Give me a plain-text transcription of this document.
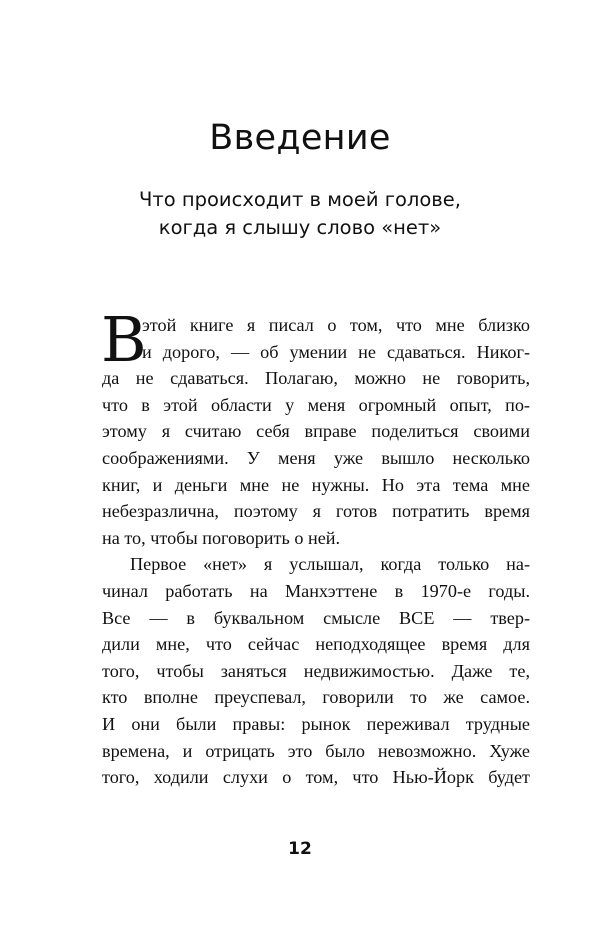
Введение
Что происходит в моей голове,
когда я слышу слово «нет»
В
этой книге я писал о том, что мне близко
и дорого, — об умении не сдаваться. Никог-
да не сдаваться. Полагаю, можно не говорить,
что в этой области у меня огромный опыт, по-
этому я считаю себя вправе поделиться своими
соображениями. У меня уже вышло несколько
книг, и деньги мне не нужны. Но эта тема мне
небезразлична, поэтому я готов потратить время
на то, чтобы поговорить о ней.
Первое «нет» я услышал, когда только на-
чинал работать на Манхэттене в 1970-е годы.
Все — в буквальном смысле ВСЕ — твер-
дили мне, что сейчас неподходящее время для
того, чтобы заняться недвижимостью. Даже те,
кто вполне преуспевал, говорили то же самое.
И они были правы: рынок переживал трудные
времена, и отрицать это было невозможно. Хуже
того, ходили слухи о том, что Нью-Йорк будет
12
